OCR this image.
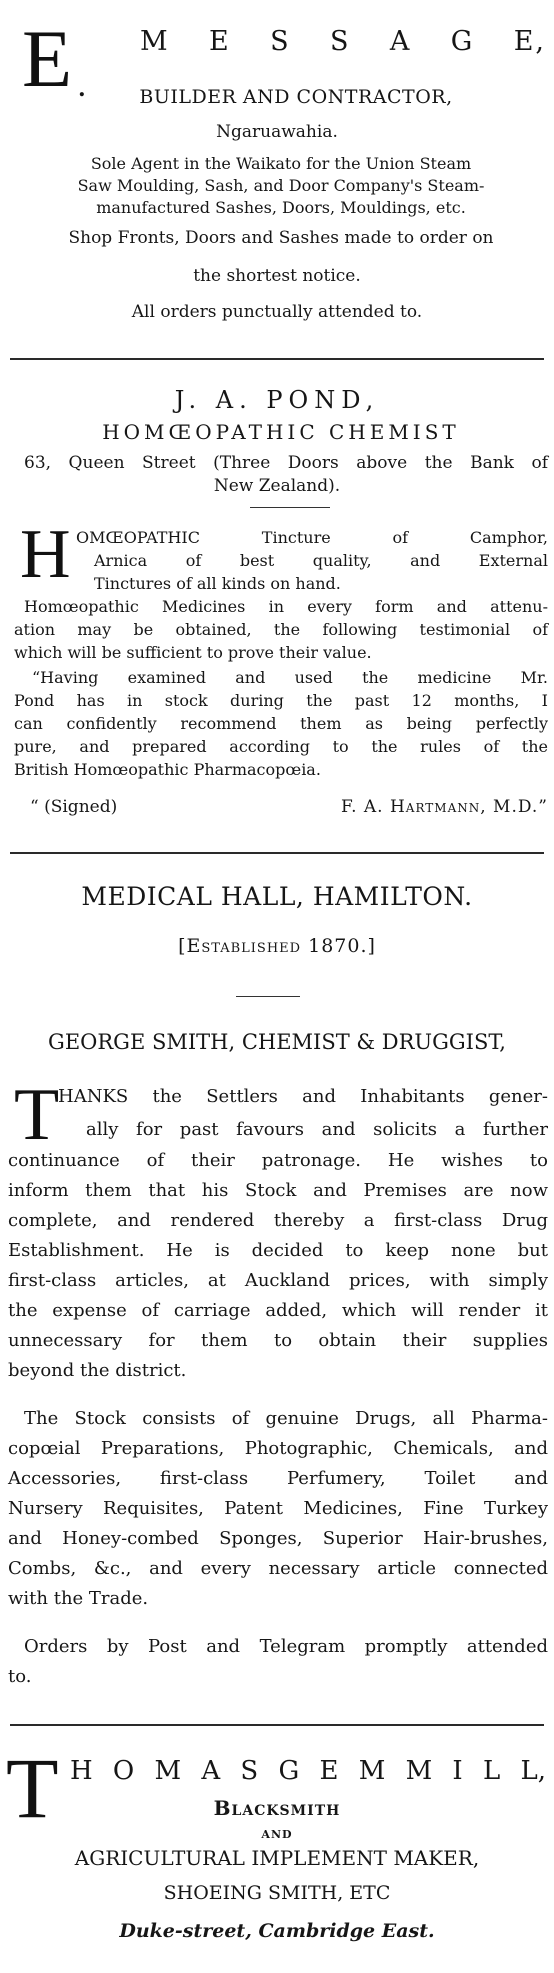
E .
M E S S A G E,
BUILDER AND CONTRACTOR,
Ngaruawahia.
Sole Agent in the Waikato for the Union Steam
Saw Moulding, Sash, and Door Company's Steam-
manufactured Sashes, Doors, Mouldings, etc.
Shop Fronts, Doors and Sashes made to order on
the shortest notice.
All orders punctually attended to.
J. A. POND,
HOMŒOPATHIC CHEMIST
63, Queen Street (Three Doors above the Bank of
New Zealand).
H OMŒOPATHIC Tincture of Camphor,
Arnica of best quality, and External
Tinctures of all kinds on hand.
Homœopathic Medicines in every form and attenu-
ation may be obtained, the following testimonial of
which will be sufficient to prove their value.
“Having examined and used the medicine Mr.
Pond has in stock during the past 12 months, I
can confidently recommend them as being perfectly
pure, and prepared according to the rules of the
British Homœopathic Pharmacopœia.
“ (Signed)	F. A. Hartmann, M.D.”
MEDICAL HALL, HAMILTON.
[Established 1870.]
GEORGE SMITH, CHEMIST & DRUGGIST,
T
HANKS the Settlers and Inhabitants gener-
ally for past favours and solicits a further
continuance of their patronage. He wishes to
inform them that his Stock and Premises are now
complete, and rendered thereby a first-class Drug
Establishment. He is decided to keep none but
first-class articles, at Auckland prices, with simply
the expense of carriage added, which will render it
unnecessary for them to obtain their supplies
beyond the district.
The Stock consists of genuine Drugs, all Pharma-
copœial Preparations, Photographic, Chemicals, and
Accessories, first-class Perfumery, Toilet and
Nursery Requisites, Patent Medicines, Fine Turkey
and Honey-combed Sponges, Superior Hair-brushes,
Combs, &c., and every necessary article connected
with the Trade.
Orders by Post and Telegram promptly attended
to.
T H O M A S G E M M I L L,
Blacksmith
AND
AGRICULTURAL IMPLEMENT MAKER,
SHOEING SMITH, ETC
Duke-street, Cambridge East.
